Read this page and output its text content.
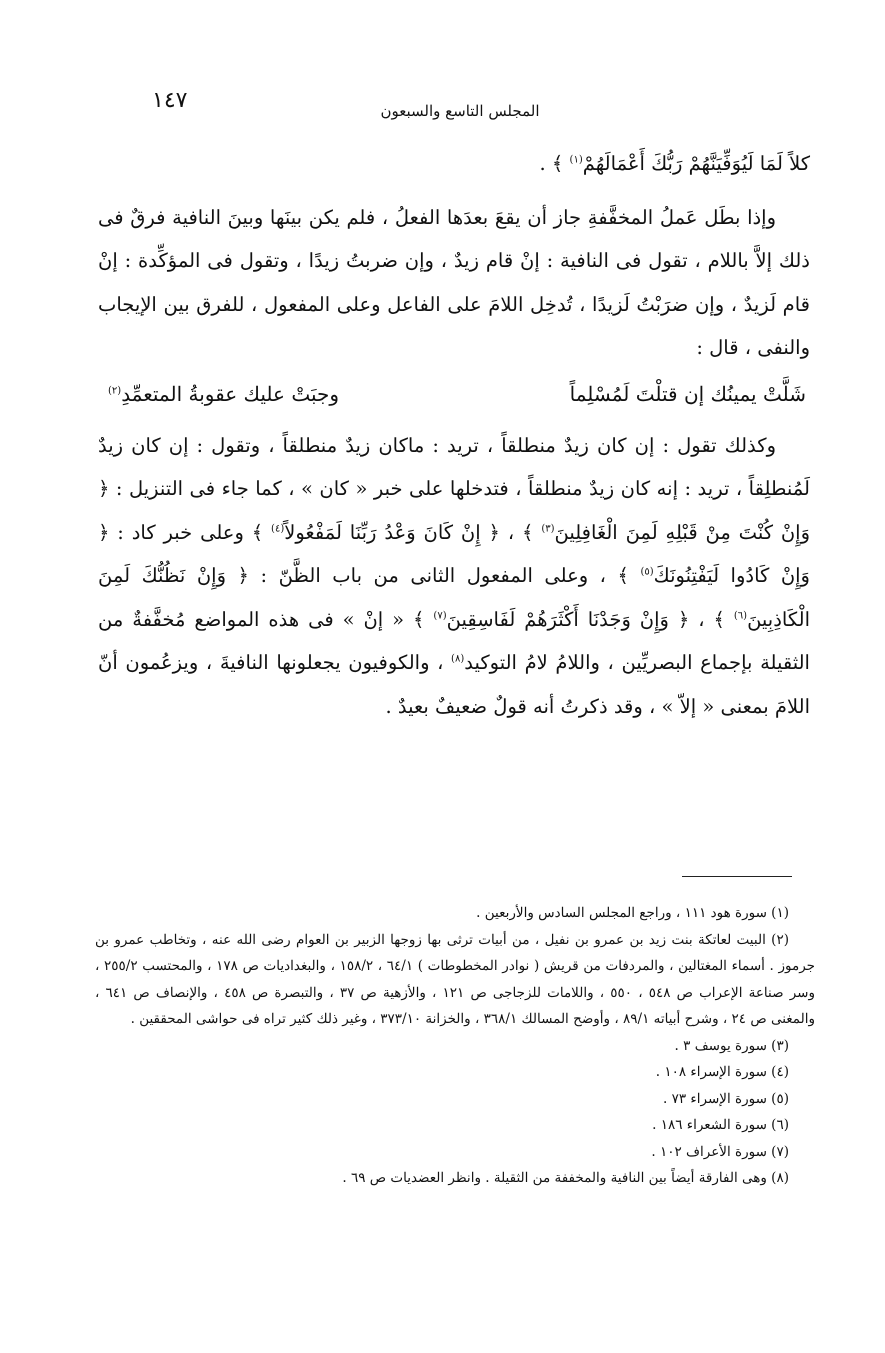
١٤٧	المجلس التاسع والسبعون

كلاً لَمَا لَيُوَفِّيَنَّهُمْ رَبُّكَ أَعْمَالَهُمْ$^{(١)}$ ﴾ .

وإذا بطَل عَملُ المخفَّفةِ جاز أن يقعَ بعدَها الفعلُ ، فلم يكن بينَها وبينَ النافية فرقٌ فى ذلك إلاَّ باللام ، تقول فى النافية : إنْ قام زيدٌ ، وإن ضربتُ زيدًا ، وتقول فى المؤكِّدة : إنْ قام لَزيدٌ ، وإن ضرَبْتُ لَزيدًا ، تُدخِل اللامَ على الفاعل وعلى المفعول ، للفرق بين الإيجاب والنفى ، قال :

شَلَّتْ يمينُك إن قتلْتَ لَمُسْلِماً
وجبَتْ عليك عقوبةُ المتعمِّدِ$^{(٢)}$

وكذلك تقول : إن كان زيدٌ منطلقاً ، تريد : ماكان زيدٌ منطلقاً ، وتقول : إن كان زيدٌ لَمُنطلِقاً ، تريد : إنه كان زيدٌ منطلقاً ، فتدخلها على خبر « كان » ، كما جاء فى التنزيل : ﴿ وَإِنْ كُنْتَ مِنْ قَبْلِهِ لَمِنَ الْغَافِلِينَ$^{(٣)}$ ﴾ ، ﴿ إِنْ كَانَ وَعْدُ رَبِّنَا لَمَفْعُولاً$^{(٤)}$ ﴾ وعلى خبر كاد : ﴿ وَإِنْ كَادُوا لَيَفْتِنُونَكَ$^{(٥)}$ ﴾ ، وعلى المفعول الثانى من باب الظَّنّ : ﴿ وَإِنْ نَظُنُّكَ لَمِنَ الْكَاذِبِينَ$^{(٦)}$ ﴾ ، ﴿ وَإِنْ وَجَدْنَا أَكْثَرَهُمْ لَفَاسِقِينَ$^{(٧)}$ ﴾ « إنْ » فى هذه المواضع مُخفَّفةٌ من الثقيلة بإجماع البصريِّين ، واللامُ لامُ التوكيد$^{(٨)}$ ، والكوفيون يجعلونها النافيةَ ، ويزعُمون أنّ اللامَ بمعنى « إلاّ » ، وقد ذكرتُ أنه قولٌ ضعيفٌ بعيدٌ .

(١) سورة هود ١١١ ، وراجع المجلس السادس والأربعين .

(٢) البيت لعاتكة بنت زيد بن عمرو بن نفيل ، من أبيات ترثى بها زوجها الزبير بن العوام رضى الله عنه ، وتخاطب عمرو بن جرموز . أسماء المغتالين ، والمردفات من قريش ( نوادر المخطوطات ) ٦٤/١ ، ١٥٨/٢ ، والبغداديات ص ١٧٨ ، والمحتسب ٢٥٥/٢ ، وسر صناعة الإعراب ص ٥٤٨ ، ٥٥٠ ، واللامات للزجاجى ص ١٢١ ، والأزهية ص ٣٧ ، والتبصرة ص ٤٥٨ ، والإنصاف ص ٦٤١ ، والمغنى ص ٢٤ ، وشرح أبياته ٨٩/١ ، وأوضح المسالك ٣٦٨/١ ، والخزانة ٣٧٣/١٠ ، وغير ذلك كثير تراه فى حواشى المحققين .

(٣) سورة يوسف ٣ .

(٤) سورة الإسراء ١٠٨ .

(٥) سورة الإسراء ٧٣ .

(٦) سورة الشعراء ١٨٦ .

(٧) سورة الأعراف ١٠٢ .

(٨) وهى الفارقة أيضاً بين النافية والمخففة من الثقيلة . وانظر العضديات ص ٦٩ .
